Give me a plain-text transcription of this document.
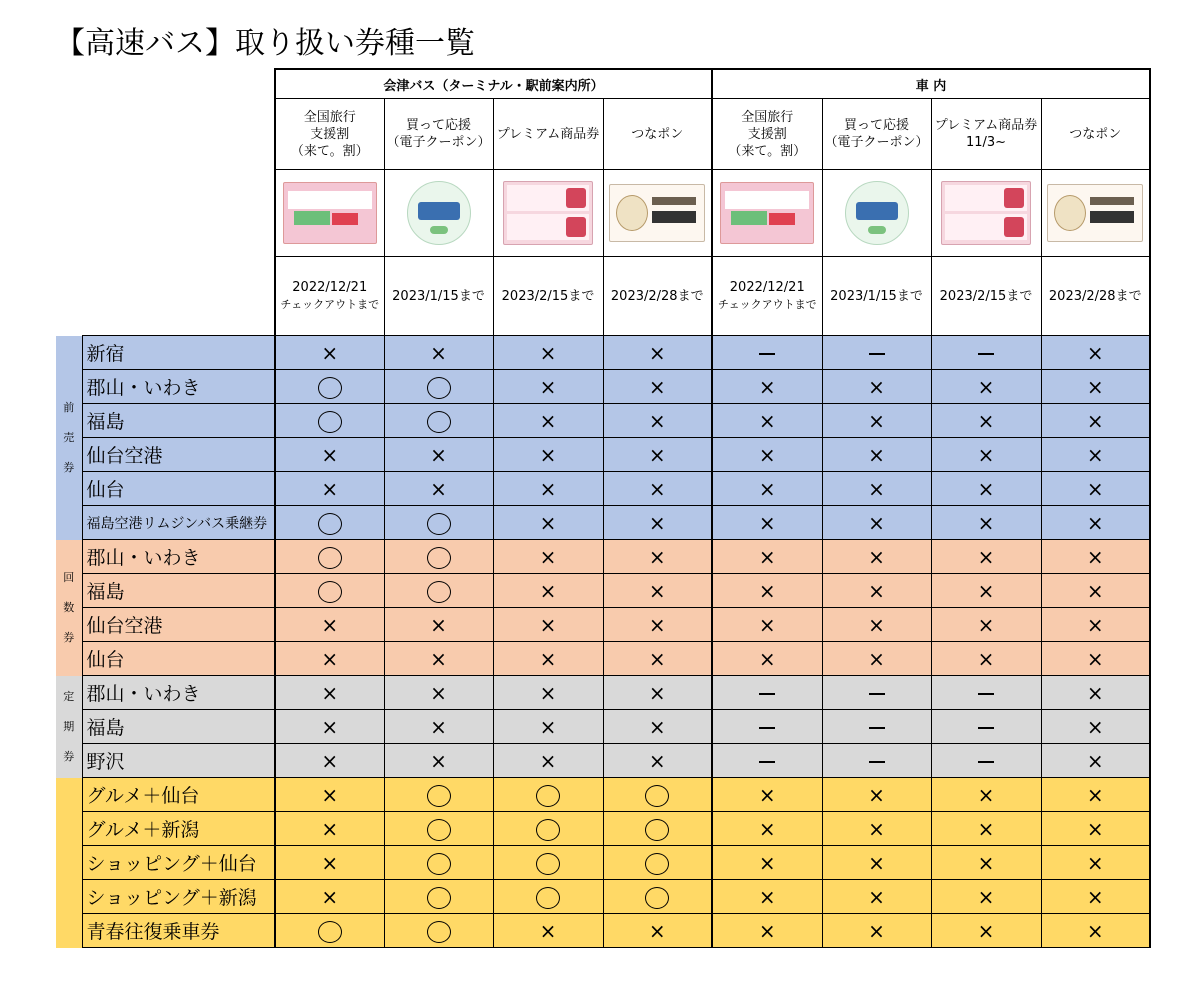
【高速バス】取り扱い券種一覧
		会津バス（ターミナル・駅前案内所）				車 内			
		全国旅行
支援割
（来て。割）	買って応援
（電子クーポン）	プレミアム商品券	つなポン	全国旅行
支援割
（来て。割）	買って応援
（電子クーポン）	プレミアム商品券
11/3~	つなポン

		2022/12/21
チェックアウトまで	2023/1/15まで	2023/2/15まで	2023/2/28まで	2022/12/21
チェックアウトまで	2023/1/15まで	2023/2/15まで	2023/2/28まで

前
売
券	新宿	×	×	×	×				×
	郡山・いわき			×	×	×	×	×	×
	福島			×	×	×	×	×	×
	仙台空港	×	×	×	×	×	×	×	×
	仙台	×	×	×	×	×	×	×	×
	福島空港リムジンバス乗継券			×	×	×	×	×	×

回
数
券	郡山・いわき			×	×	×	×	×	×
	福島			×	×	×	×	×	×
	仙台空港	×	×	×	×	×	×	×	×
	仙台	×	×	×	×	×	×	×	×

定
期
券	郡山・いわき	×	×	×	×				×
	福島	×	×	×	×				×
	野沢	×	×	×	×				×
	グルメ＋仙台	×				×	×	×	×
	グルメ＋新潟	×				×	×	×	×
	ショッピング＋仙台	×				×	×	×	×
	ショッピング＋新潟	×				×	×	×	×
	青春往復乗車券			×	×	×	×	×	×
